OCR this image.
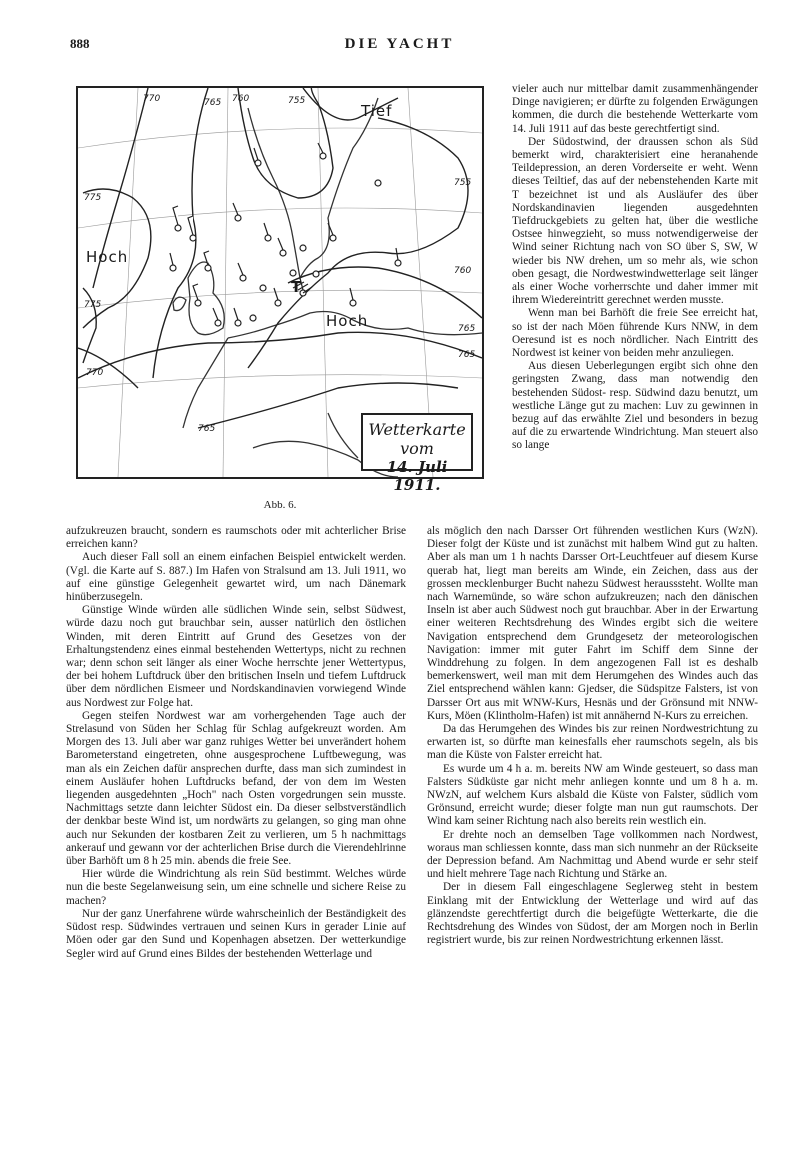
888	DIE YACHT
Tief
Hoch
Hoch
T
770	765 760	755
755
775
760
775
765
770
765
765	Wetterkarte vom
14. Juli 1911.
Abb. 6.

vieler auch nur mittelbar damit zusammenhängender Dinge navigieren; er dürfte zu folgenden Erwägungen kommen, die durch die bestehende Wetterkarte vom 14. Juli 1911 auf das beste gerechtfertigt sind.

Der Südostwind, der draussen schon als Süd bemerkt wird, charakterisiert eine heranahende Teildepression, an deren Vorderseite er weht. Wenn dieses Teiltief, das auf der nebenstehenden Karte mit T bezeichnet ist und als Ausläufer des über Nordskandinavien liegenden ausgedehnten Tiefdruckgebiets zu gelten hat, über die westliche Ostsee hinwegzieht, so muss notwendigerweise der Wind seiner Richtung nach von SO über S, SW, W wieder bis NW drehen, um so mehr als, wie schon oben gesagt, die Nordwestwindwetterlage seit länger als einer Woche vorherrschte und daher immer mit ihrem Wiedereintritt gerechnet werden musste.

Wenn man bei Barhöft die freie See erreicht hat, so ist der nach Möen führende Kurs NNW, in dem Oeresund ist es noch nördlicher. Nach Eintritt des Nordwest ist keiner von beiden mehr anzuliegen.

Aus diesen Ueberlegungen ergibt sich ohne den geringsten Zwang, dass man notwendig den bestehenden Südost- resp. Südwind dazu benutzt, um westliche Länge gut zu machen: Luv zu gewinnen in bezug auf das erwählte Ziel und besonders in bezug auf die zu erwartende Windrichtung. Man steuert also so lange

aufzukreuzen braucht, sondern es raumschots oder mit achterlicher Brise erreichen kann?

Auch dieser Fall soll an einem einfachen Beispiel entwickelt werden. (Vgl. die Karte auf S. 887.) Im Hafen von Stralsund am 13. Juli 1911, wo auf eine günstige Gelegenheit gewartet wird, um nach Dänemark hinüberzusegeln.

Günstige Winde würden alle südlichen Winde sein, selbst Südwest, würde dazu noch gut brauchbar sein, ausser natürlich den östlichen Winden, mit deren Eintritt auf Grund des Gesetzes von der Erhaltungstendenz eines einmal bestehenden Wettertyps, nicht zu rechnen war; denn schon seit länger als einer Woche herrschte jener Wettertypus, der bei hohem Luftdruck über den britischen Inseln und tiefem Luftdruck über dem nördlichen Eismeer und Nordskandinavien vorwiegend Winde aus Nordwest zur Folge hat.

Gegen steifen Nordwest war am vorhergehenden Tage auch der Strelasund von Süden her Schlag für Schlag aufgekreuzt worden. Am Morgen des 13. Juli aber war ganz ruhiges Wetter bei unverändert hohem Barometerstand eingetreten, ohne ausgesprochene Luftbewegung, was man als ein Zeichen dafür ansprechen durfte, dass man sich zumindest in einem Ausläufer hohen Luftdrucks befand, der von dem im Westen liegenden ausgedehnten „Hoch" nach Osten vorgedrungen sein musste. Nachmittags setzte dann leichter Südost ein. Da dieser selbstverständlich der denkbar beste Wind ist, um nordwärts zu gelangen, so ging man ohne auch nur Sekunden der kostbaren Zeit zu verlieren, um 5 h nachmittags ankerauf und gewann vor der achterlichen Brise durch die Vierendehlrinne über Barhöft um 8 h 25 min. abends die freie See.

Hier würde die Windrichtung als rein Süd bestimmt. Welches würde nun die beste Segelanweisung sein, um eine schnelle und sichere Reise zu machen?

Nur der ganz Unerfahrene würde wahrscheinlich der Beständigkeit des Südost resp. Südwindes vertrauen und seinen Kurs in gerader Linie auf Möen oder gar den Sund und Kopenhagen absetzen. Der wetterkundige Segler wird auf Grund eines Bildes der bestehenden Wetterlage und

als möglich den nach Darsser Ort führenden westlichen Kurs (WzN). Dieser folgt der Küste und ist zunächst mit halbem Wind gut zu halten. Aber als man um 1 h nachts Darsser Ort-Leuchtfeuer auf diesem Kurse querab hat, liegt man bereits am Winde, ein Zeichen, dass aus der grossen mecklenburger Bucht nahezu Südwest herausssteht. Wollte man nach Warnemünde, so wäre schon aufzukreuzen; nach den dänischen Inseln ist aber auch Südwest noch gut brauchbar. Aber in der Erwartung einer weiteren Rechtsdrehung des Windes ergibt sich die weitere Navigation entsprechend dem Grundgesetz der meteorologischen Navigation: immer mit guter Fahrt im Schiff dem Sinne der Winddrehung zu folgen. In dem angezogenen Fall ist es deshalb bemerkenswert, weil man mit dem Herumgehen des Windes auch das Ziel entsprechend wählen kann: Gjedser, die Südspitze Falsters, ist von Darsser Ort aus mit WNW-Kurs, Hesnäs und der Grönsund mit NNW-Kurs, Möen (Klintholm-Hafen) ist mit annähernd N-Kurs zu erreichen.

Da das Herumgehen des Windes bis zur reinen Nordwestrichtung zu erwarten ist, so dürfte man keinesfalls eher raumschots segeln, als bis man die Küste von Falster erreicht hat.

Es wurde um 4 h a. m. bereits NW am Winde gesteuert, so dass man Falsters Südküste gar nicht mehr anliegen konnte und um 8 h a. m. NWzN, auf welchem Kurs alsbald die Küste von Falster, südlich vom Grönsund, erreicht wurde; dieser folgte man nun gut raumschots. Der Wind kam seiner Richtung nach also bereits rein westlich ein.

Er drehte noch an demselben Tage vollkommen nach Nordwest, woraus man schliessen konnte, dass man sich nunmehr an der Rückseite der Depression befand. Am Nachmittag und Abend wurde er sehr steif und hielt mehrere Tage nach Richtung und Stärke an.

Der in diesem Fall eingeschlagene Seglerweg steht in bestem Einklang mit der Entwicklung der Wetterlage und wird auf das glänzendste gerechtfertigt durch die beigefügte Wetterkarte, die die Rechtsdrehung des Windes von Südost, der am Morgen noch in Berlin registriert wurde, bis zur reinen Nordwestrichtung erkennen lässt.
